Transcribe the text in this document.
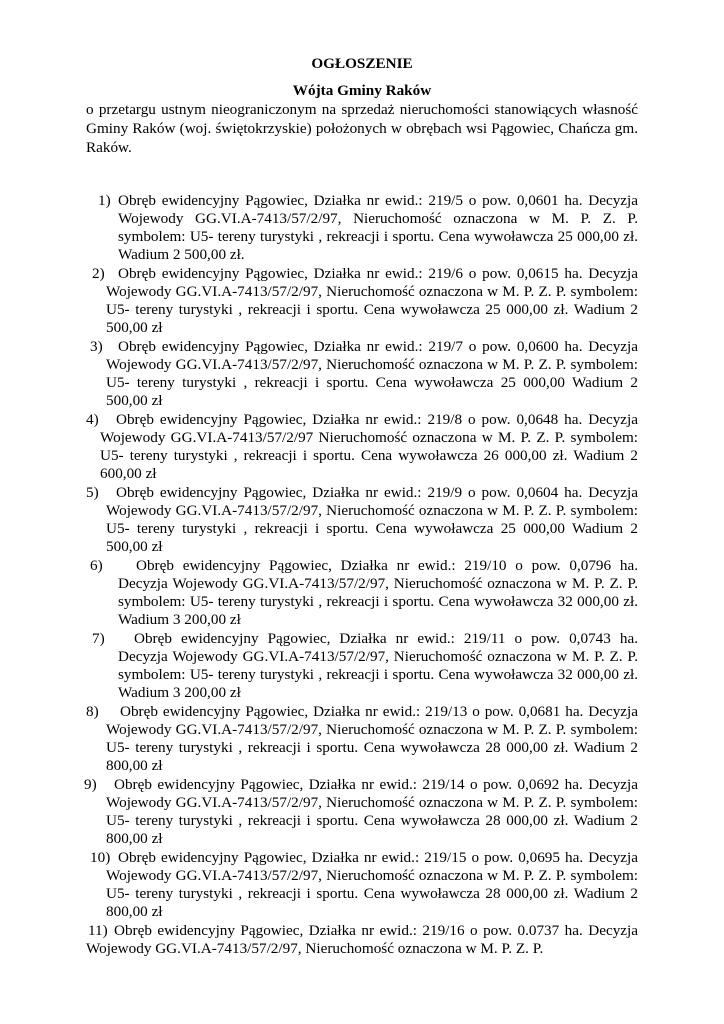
OGŁOSZENIE

Wójta Gminy Raków

o przetargu ustnym nieograniczonym na sprzedaż nieruchomości stanowiących własność Gminy Raków (woj. świętokrzyskie) położonych w obrębach wsi Pągowiec, Chańcza gm. Raków.

1) Obręb ewidencyjny Pągowiec, Działka nr ewid.: 219/5 o pow. 0,0601 ha. Decyzja Wojewody GG.VI.A-7413/57/2/97, Nieruchomość oznaczona w M. P. Z. P. symbolem: U5- tereny turystyki , rekreacji i sportu. Cena wywoławcza 25 000,00 zł. Wadium 2 500,00 zł.
2) Obręb ewidencyjny Pągowiec, Działka nr ewid.: 219/6 o pow. 0,0615 ha. Decyzja Wojewody GG.VI.A-7413/57/2/97, Nieruchomość oznaczona w M. P. Z. P. symbolem: U5- tereny turystyki , rekreacji i sportu. Cena wywoławcza 25 000,00 zł. Wadium 2 500,00 zł
3)	Obręb ewidencyjny Pągowiec, Działka nr ewid.: 219/7 o pow. 0,0600 ha. Decyzja Wojewody GG.VI.A-7413/57/2/97, Nieruchomość oznaczona w M. P. Z. P. symbolem: U5- tereny turystyki , rekreacji i sportu. Cena wywoławcza 25 000,00 Wadium 2 500,00 zł
4)	Obręb ewidencyjny Pągowiec, Działka nr ewid.: 219/8 o pow. 0,0648 ha. Decyzja Wojewody GG.VI.A-7413/57/2/97 Nieruchomość oznaczona w M. P. Z. P. symbolem: U5- tereny turystyki , rekreacji i sportu. Cena wywoławcza 26 000,00 zł. Wadium 2 600,00 zł
5)	Obręb ewidencyjny Pągowiec, Działka nr ewid.: 219/9 o pow. 0,0604 ha. Decyzja Wojewody GG.VI.A-7413/57/2/97, Nieruchomość oznaczona w M. P. Z. P. symbolem: U5- tereny turystyki , rekreacji i sportu. Cena wywoławcza 25 000,00 Wadium 2 500,00 zł
6)	Obręb ewidencyjny Pągowiec, Działka nr ewid.: 219/10 o pow. 0,0796 ha. Decyzja Wojewody GG.VI.A-7413/57/2/97, Nieruchomość oznaczona w M. P. Z. P. symbolem: U5- tereny turystyki , rekreacji i sportu. Cena wywoławcza 32 000,00 zł. Wadium 3 200,00 zł
7)	Obręb ewidencyjny Pągowiec, Działka nr ewid.: 219/11 o pow. 0,0743 ha. Decyzja Wojewody GG.VI.A-7413/57/2/97, Nieruchomość oznaczona w M. P. Z. P. symbolem: U5- tereny turystyki , rekreacji i sportu. Cena wywoławcza 32 000,00 zł. Wadium 3 200,00 zł
8)	Obręb ewidencyjny Pągowiec, Działka nr ewid.: 219/13 o pow. 0,0681 ha. Decyzja Wojewody GG.VI.A-7413/57/2/97, Nieruchomość oznaczona w M. P. Z. P. symbolem: U5- tereny turystyki , rekreacji i sportu. Cena wywoławcza 28 000,00 zł. Wadium 2 800,00 zł
9)	Obręb ewidencyjny Pągowiec, Działka nr ewid.: 219/14 o pow. 0,0692 ha. Decyzja Wojewody GG.VI.A-7413/57/2/97, Nieruchomość oznaczona w M. P. Z. P. symbolem: U5- tereny turystyki , rekreacji i sportu. Cena wywoławcza 28 000,00 zł. Wadium 2 800,00 zł
10) Obręb ewidencyjny Pągowiec, Działka nr ewid.: 219/15 o pow. 0,0695 ha. Decyzja Wojewody GG.VI.A-7413/57/2/97, Nieruchomość oznaczona w M. P. Z. P. symbolem: U5- tereny turystyki , rekreacji i sportu. Cena wywoławcza 28 000,00 zł. Wadium 2 800,00 zł
11) Obręb ewidencyjny Pągowiec, Działka nr ewid.: 219/16 o pow. 0.0737 ha. Decyzja Wojewody GG.VI.A-7413/57/2/97, Nieruchomość oznaczona w M. P. Z. P.
